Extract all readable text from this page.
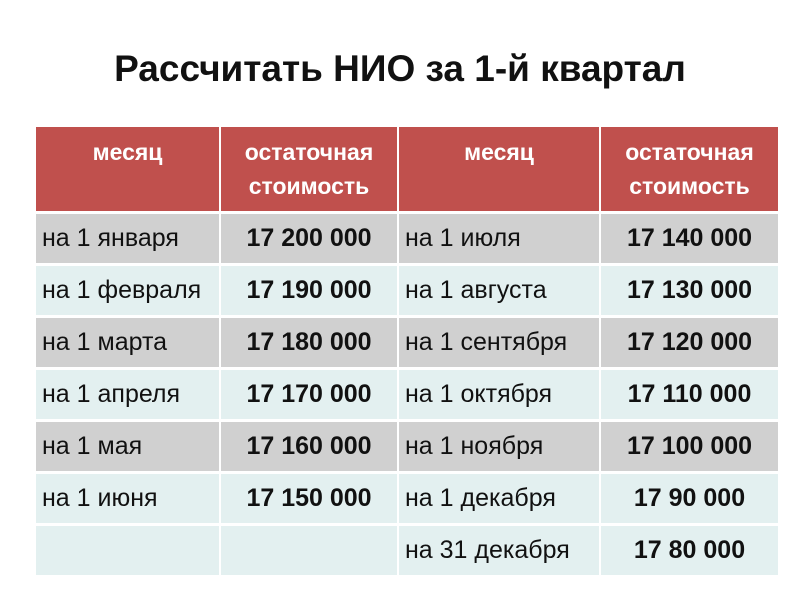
Рассчитать НИО за 1-й квартал
месяц	остаточная стоимость	месяц	остаточная стоимость

на 1 января	17 200 000	на 1 июля	17 140 000
на 1 февраля	17 190 000	на 1 августа	17 130 000
на 1 марта	17 180 000	на 1 сентября	17 120 000
на 1 апреля	17 170 000	на 1 октября	17 110 000
на 1 мая	17 160 000	на 1 ноября	17 100 000
на 1 июня	17 150 000	на 1 декабря	17 90 000
		на 31 декабря	17 80 000
